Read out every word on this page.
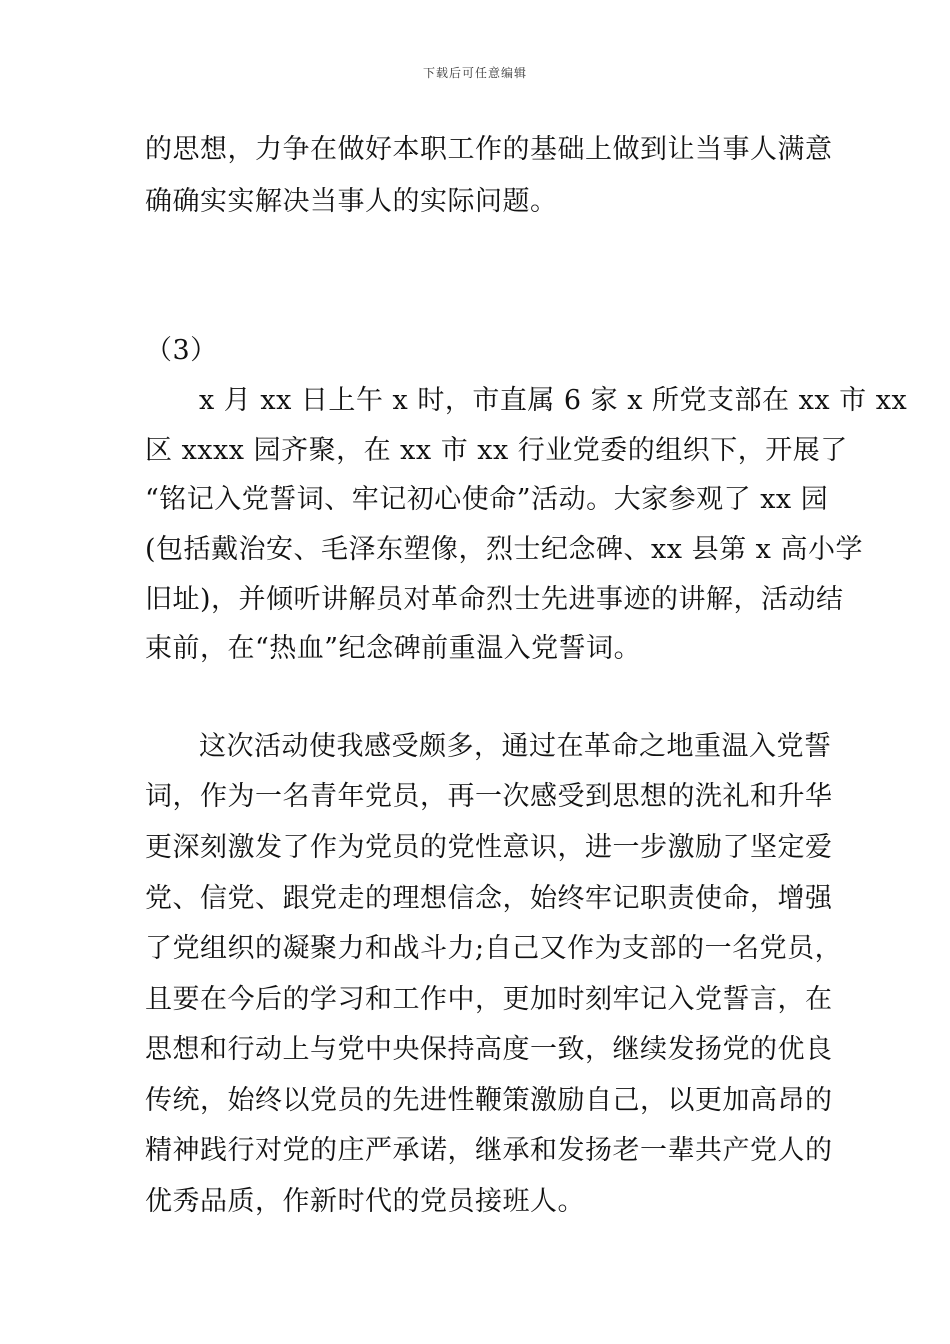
下载后可任意编辑
的思想，力争在做好本职工作的基础上做到让当事人满意
确确实实解决当事人的实际问题。
（3）
x 月 xx 日上午 x 时，市直属 6 家 x 所党支部在 xx 市 xx
区 xxxx 园齐聚，在 xx 市 xx 行业党委的组织下，开展了
“铭记入党誓词、牢记初心使命”活动。大家参观了 xx 园
(包括戴治安、毛泽东塑像，烈士纪念碑、xx 县第 x 高小学
旧址)，并倾听讲解员对革命烈士先进事迹的讲解，活动结
束前，在“热血”纪念碑前重温入党誓词。
这次活动使我感受颇多，通过在革命之地重温入党誓
词，作为一名青年党员，再一次感受到思想的洗礼和升华
更深刻激发了作为党员的党性意识，进一步激励了坚定爱
党、信党、跟党走的理想信念，始终牢记职责使命，增强
了党组织的凝聚力和战斗力;自己又作为支部的一名党员，
且要在今后的学习和工作中，更加时刻牢记入党誓言，在
思想和行动上与党中央保持高度一致，继续发扬党的优良
传统，始终以党员的先进性鞭策激励自己，以更加高昂的
精神践行对党的庄严承诺，继承和发扬老一辈共产党人的
优秀品质，作新时代的党员接班人。
